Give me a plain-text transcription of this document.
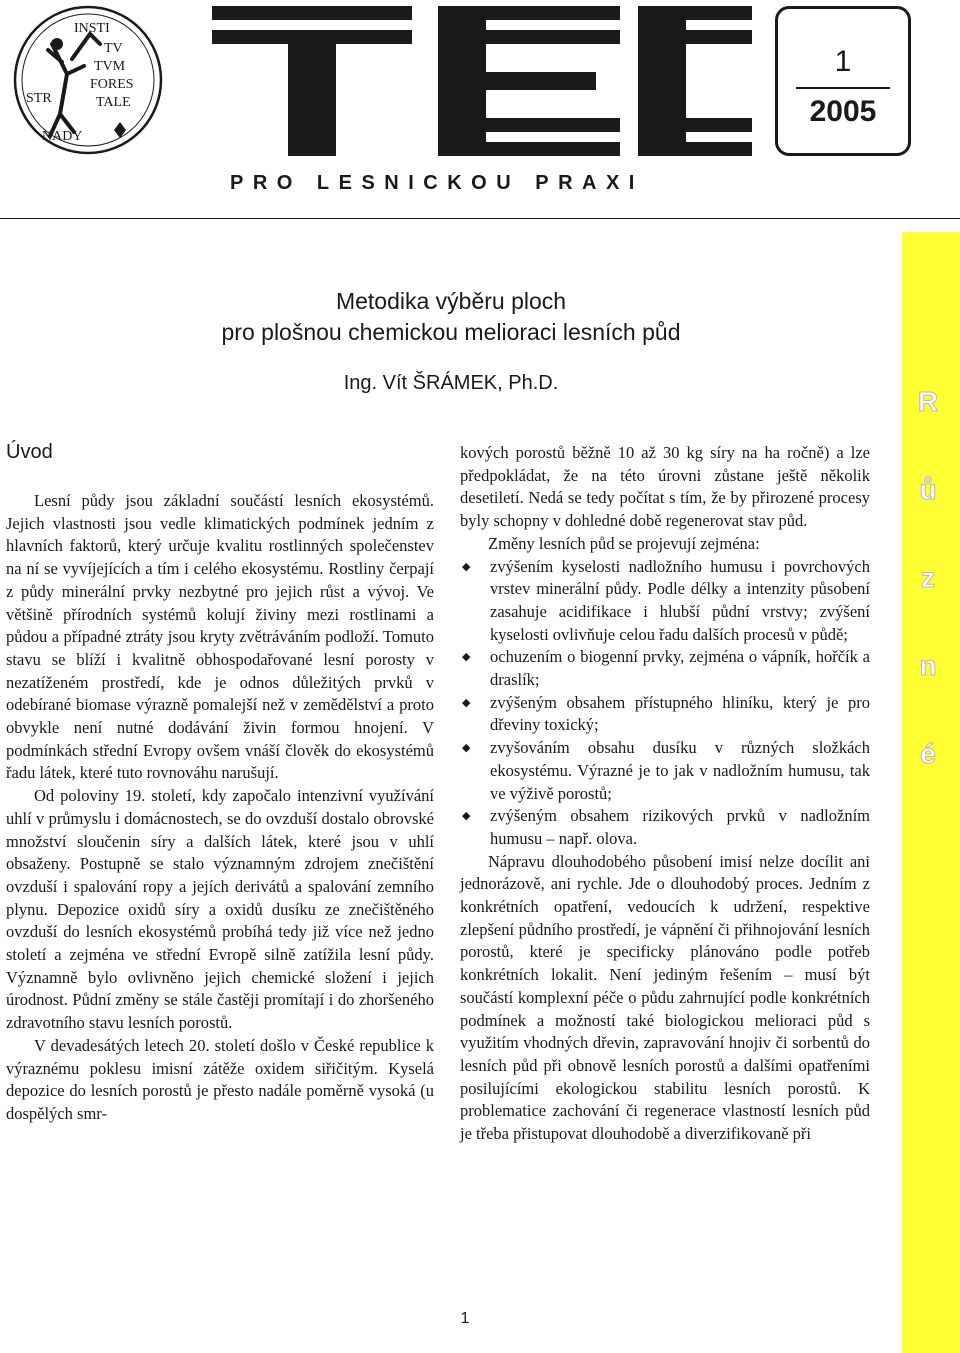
INSTI
TV
TVM
FORES
TALE
STR
NADY
1
2005
PRO LESNICKOU PRAXI
Metodika výběru ploch
pro plošnou chemickou melioraci lesních půd
Ing. Vít ŠRÁMEK, Ph.D.
Úvod

Lesní půdy jsou základní součástí lesních ekosystémů. Jejich vlastnosti jsou vedle klimatických podmínek jedním z hlavních faktorů, který určuje kvalitu rostlinných společenstev na ní se vyvíjejících a tím i celého ekosystému. Rostliny čerpají z půdy minerální prvky nezbytné pro jejich růst a vývoj. Ve většině přírodních systémů kolují živiny mezi rostlinami a půdou a případné ztráty jsou kryty zvětráváním podloží. Tomuto stavu se blíží i kvalitně obhospodařované lesní porosty v nezatíženém prostředí, kde je odnos důležitých prvků v odebírané biomase výrazně pomalejší než v zemědělství a proto obvykle není nutné dodávání živin formou hnojení. V podmínkách střední Evropy ovšem vnáší člověk do ekosystémů řadu látek, které tuto rovnováhu narušují.

Od poloviny 19. století, kdy započalo intenzivní využívání uhlí v průmyslu i domácnostech, se do ovzduší dostalo obrovské množství sloučenin síry a dalších látek, které jsou v uhlí obsaženy. Postupně se stalo významným zdrojem znečištění ovzduší i spalování ropy a jejích derivátů a spalování zemního plynu. Depozice oxidů síry a oxidů dusíku ze znečištěného ovzduší do lesních ekosystémů probíhá tedy již více než jedno století a zejména ve střední Evropě silně zatížila lesní půdy. Významně bylo ovlivněno jejich chemické složení i jejich úrodnost. Půdní změny se stále častěji promítají i do zhoršeného zdravotního stavu lesních porostů.

V devadesátých letech 20. století došlo v České republice k výraznému poklesu imisní zátěže oxidem siřičitým. Kyselá depozice do lesních porostů je přesto nadále poměrně vysoká (u dospělých smr-

kových porostů běžně 10 až 30 kg síry na ha ročně) a lze předpokládat, že na této úrovni zůstane ještě několik desetiletí. Nedá se tedy počítat s tím, že by přirozené procesy byly schopny v dohledné době regenerovat stav půd.

Změny lesních půd se projevují zejména:

◆ zvýšením kyselosti nadložního humusu i povrchových vrstev minerální půdy. Podle délky a intenzity působení zasahuje acidifikace i hlubší půdní vrstvy; zvýšení kyselosti ovlivňuje celou řadu dalších procesů v půdě;
◆ ochuzením o biogenní prvky, zejména o vápník, hořčík a draslík;
◆ zvýšeným obsahem přístupného hliníku, který je pro dřeviny toxický;
◆ zvyšováním obsahu dusíku v různých složkách ekosystému. Výrazné je to jak v nadložním humusu, tak ve výživě porostů;
◆ zvýšeným obsahem rizikových prvků v nadložním humusu – např. olova.

Nápravu dlouhodobého působení imisí nelze docílit ani jednorázově, ani rychle. Jde o dlouhodobý proces. Jedním z konkrétních opatření, vedoucích k udržení, respektive zlepšení půdního prostředí, je vápnění či přihnojování lesních porostů, které je specificky plánováno podle potřeb konkrétních lokalit. Není jediným řešením – musí být součástí komplexní péče o půdu zahrnující podle konkrétních podmínek a možností také biologickou melioraci půd s využitím vhodných dřevin, zapravování hnojiv či sorbentů do lesních půd při obnově lesních porostů a dalšími opatřeními posilujícími ekologickou stabilitu lesních porostů. K problematice zachování či regenerace vlastností lesních půd je třeba přistupovat dlouhodobě a diverzifikovaně při

R
ů
z
n
é
1
